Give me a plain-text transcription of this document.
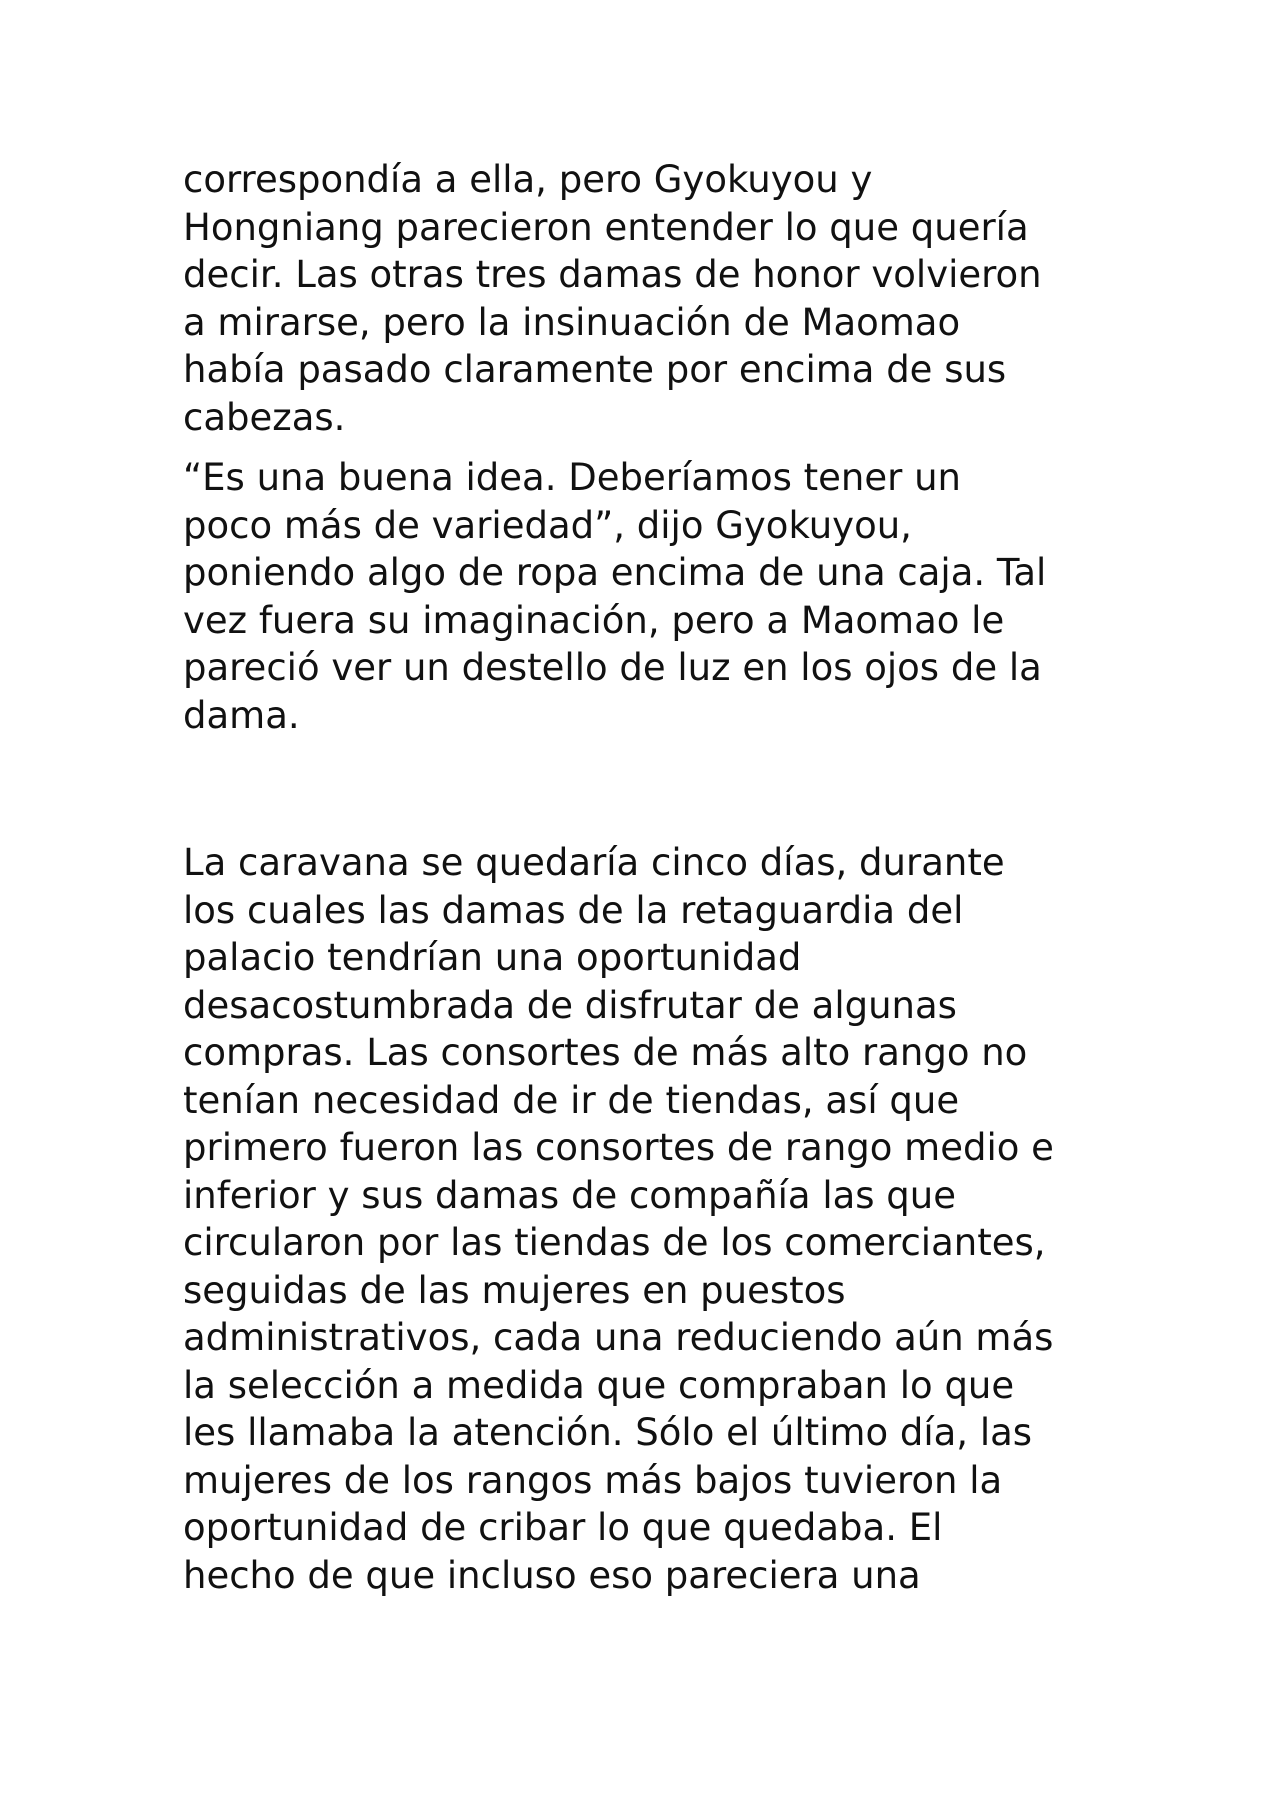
correspondía a ella, pero Gyokuyou y
Hongniang parecieron entender lo que quería
decir. Las otras tres damas de honor volvieron
a mirarse, pero la insinuación de Maomao
había pasado claramente por encima de sus
cabezas.
“Es una buena idea. Deberíamos tener un
poco más de variedad”, dijo Gyokuyou,
poniendo algo de ropa encima de una caja. Tal
vez fuera su imaginación, pero a Maomao le
pareció ver un destello de luz en los ojos de la
dama.
La caravana se quedaría cinco días, durante
los cuales las damas de la retaguardia del
palacio tendrían una oportunidad
desacostumbrada de disfrutar de algunas
compras. Las consortes de más alto rango no
tenían necesidad de ir de tiendas, así que
primero fueron las consortes de rango medio e
inferior y sus damas de compañía las que
circularon por las tiendas de los comerciantes,
seguidas de las mujeres en puestos
administrativos, cada una reduciendo aún más
la selección a medida que compraban lo que
les llamaba la atención. Sólo el último día, las
mujeres de los rangos más bajos tuvieron la
oportunidad de cribar lo que quedaba. El
hecho de que incluso eso pareciera una
